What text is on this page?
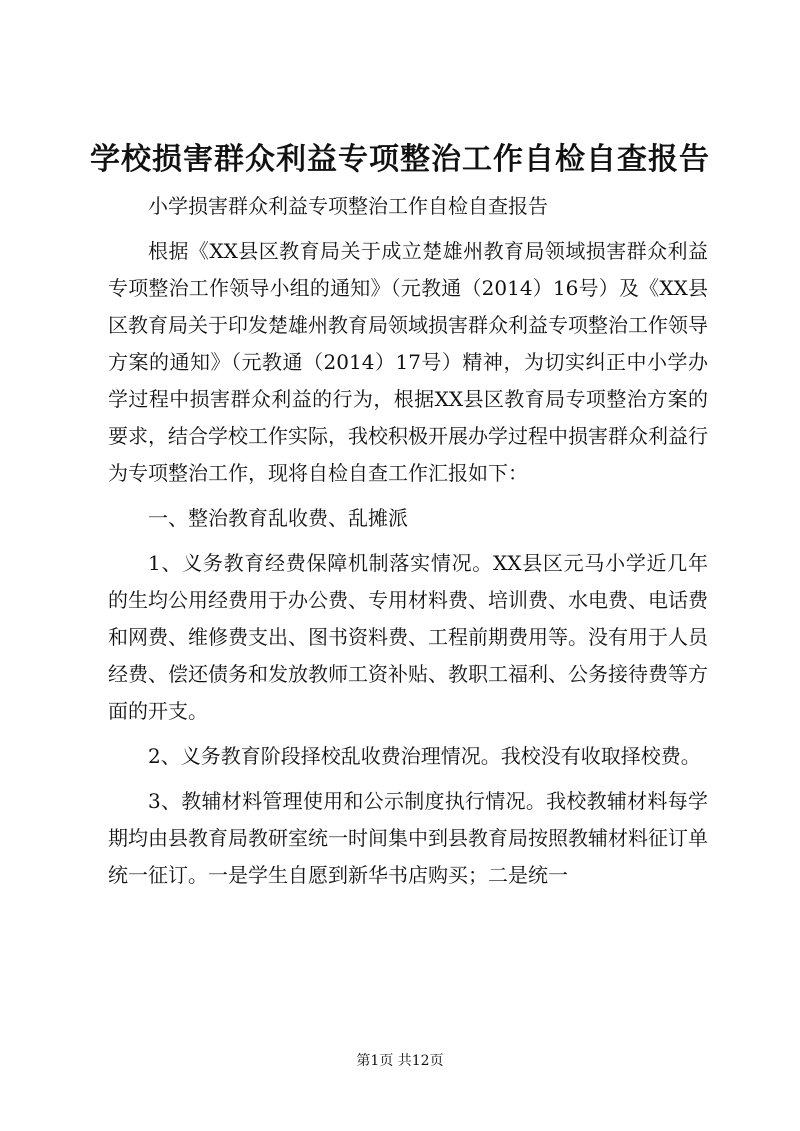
学校损害群众利益专项整治工作自检自查报告

小学损害群众利益专项整治工作自检自查报告

根据《XX县区教育局关于成立楚雄州教育局领域损害群众利益专项整治工作领导小组的通知》（元教通（2014）16号）及《XX县区教育局关于印发楚雄州教育局领域损害群众利益专项整治工作领导方案的通知》（元教通（2014）17号）精神，为切实纠正中小学办学过程中损害群众利益的行为，根据XX县区教育局专项整治方案的要求，结合学校工作实际，我校积极开展办学过程中损害群众利益行为专项整治工作，现将自检自查工作汇报如下：

一、整治教育乱收费、乱摊派

1、义务教育经费保障机制落实情况。XX县区元马小学近几年的生均公用经费用于办公费、专用材料费、培训费、水电费、电话费和网费、维修费支出、图书资料费、工程前期费用等。没有用于人员经费、偿还债务和发放教师工资补贴、教职工福利、公务接待费等方面的开支。

2、义务教育阶段择校乱收费治理情况。我校没有收取择校费。

3、教辅材料管理使用和公示制度执行情况。我校教辅材料每学期均由县教育局教研室统一时间集中到县教育局按照教辅材料征订单统一征订。一是学生自愿到新华书店购买；二是统一

第1页 共12页
